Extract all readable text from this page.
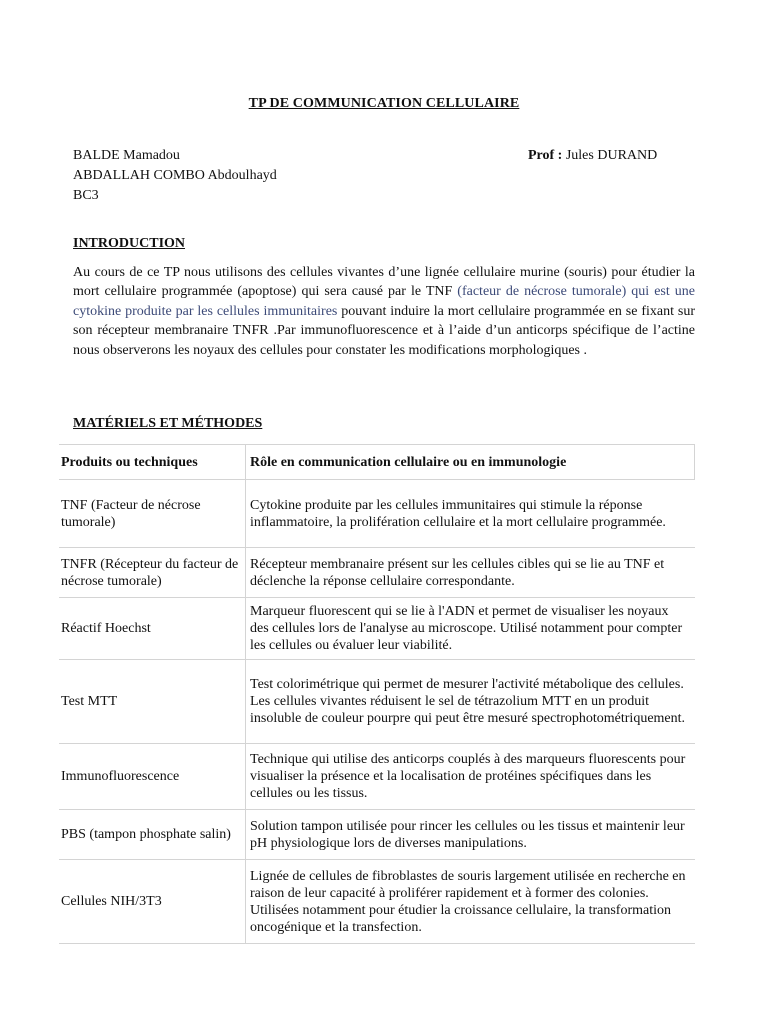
TP DE COMMUNICATION CELLULAIRE
BALDE Mamadou
ABDALLAH COMBO Abdoulhayd
BC3
Prof : Jules DURAND
INTRODUCTION
Au cours de ce TP nous utilisons des cellules vivantes d’une lignée cellulaire murine (souris) pour étudier la mort cellulaire programmée (apoptose) qui sera causé par le TNF (facteur de nécrose tumorale) qui est une cytokine produite par les cellules immunitaires pouvant induire la mort cellulaire programmée en se fixant sur son récepteur membranaire TNFR .Par immunofluorescence et à l’aide d’un anticorps spécifique de l’actine nous observerons les noyaux des cellules pour constater les modifications morphologiques .
MATÉRIELS ET MÉTHODES
Produits ou techniques	Rôle en communication cellulaire ou en immunologie
TNF (Facteur de nécrose tumorale)	Cytokine produite par les cellules immunitaires qui stimule la réponse inflammatoire, la prolifération cellulaire et la mort cellulaire programmée.
TNFR (Récepteur du facteur de nécrose tumorale)	Récepteur membranaire présent sur les cellules cibles qui se lie au TNF et déclenche la réponse cellulaire correspondante.
Réactif Hoechst	Marqueur fluorescent qui se lie à l'ADN et permet de visualiser les noyaux des cellules lors de l'analyse au microscope. Utilisé notamment pour compter les cellules ou évaluer leur viabilité.
Test MTT	Test colorimétrique qui permet de mesurer l'activité métabolique des cellules. Les cellules vivantes réduisent le sel de tétrazolium MTT en un produit insoluble de couleur pourpre qui peut être mesuré spectrophotométriquement.
Immunofluorescence	Technique qui utilise des anticorps couplés à des marqueurs fluorescents pour visualiser la présence et la localisation de protéines spécifiques dans les cellules ou les tissus.
PBS (tampon phosphate salin)	Solution tampon utilisée pour rincer les cellules ou les tissus et maintenir leur pH physiologique lors de diverses manipulations.
Cellules NIH/3T3	Lignée de cellules de fibroblastes de souris largement utilisée en recherche en raison de leur capacité à proliférer rapidement et à former des colonies. Utilisées notamment pour étudier la croissance cellulaire, la transformation oncogénique et la transfection.
